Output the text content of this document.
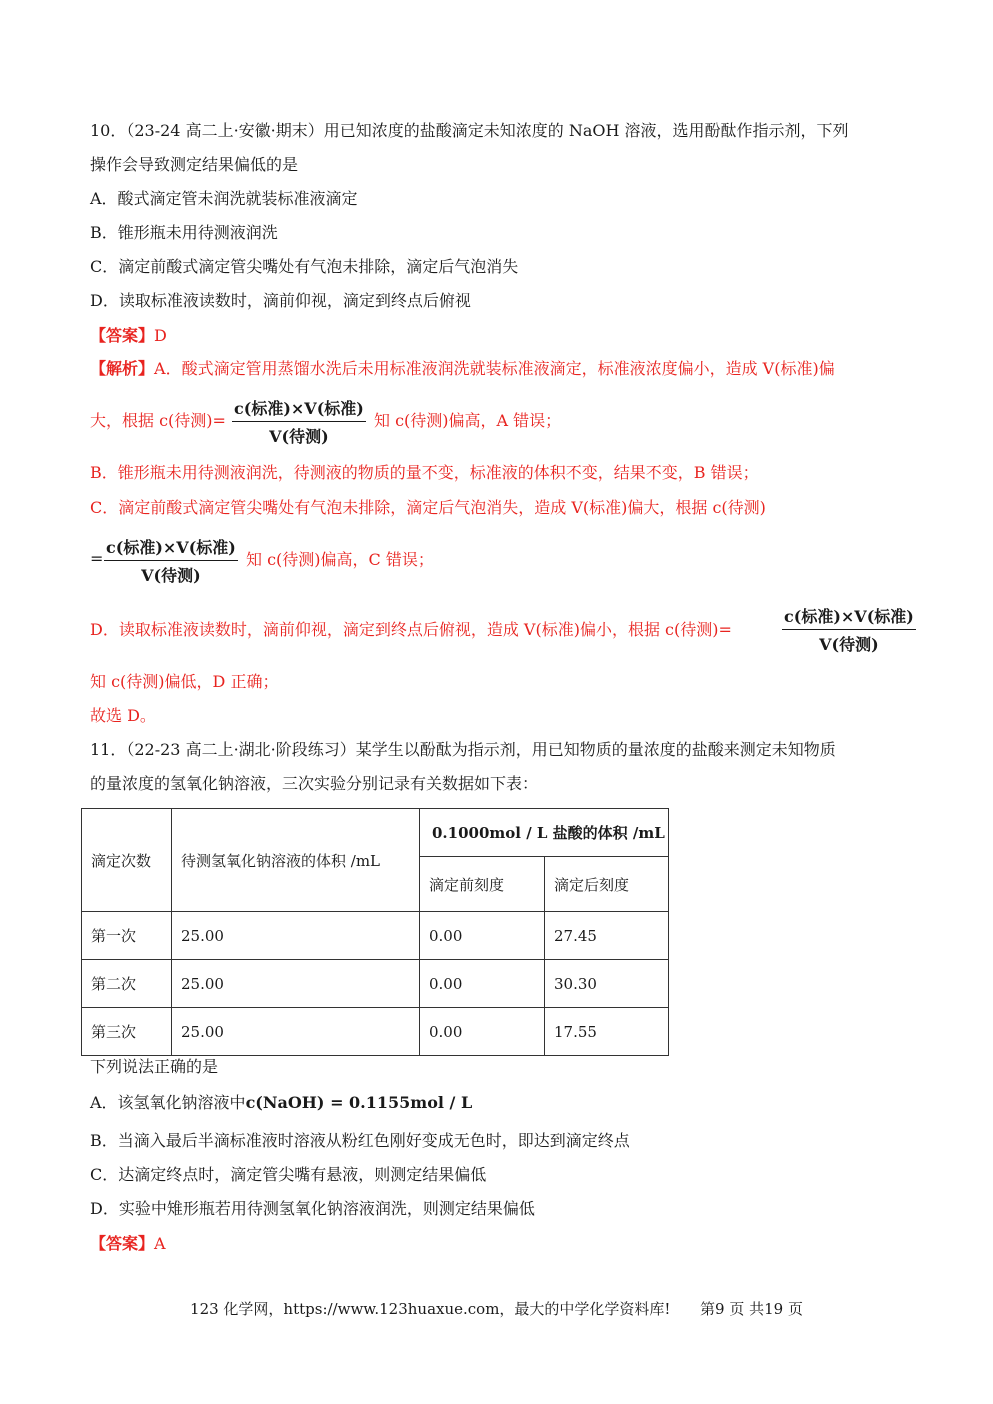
10．（23-24 高二上·安徽·期末）用已知浓度的盐酸滴定未知浓度的 NaOH 溶液，选用酚酞作指示剂，下列
操作会导致测定结果偏低的是
A．酸式滴定管未润洗就装标准液滴定
B．锥形瓶未用待测液润洗
C．滴定前酸式滴定管尖嘴处有气泡未排除，滴定后气泡消失
D．读取标准液读数时，滴前仰视，滴定到终点后俯视
【答案】D
【解析】A．酸式滴定管用蒸馏水洗后未用标准液润洗就装标准液滴定，标准液浓度偏小，造成 V(标准)偏
大，根据 c(待测)=
c(标准)×V(标准)
V(待测)
知 c(待测)偏高，A 错误；
B．锥形瓶未用待测液润洗，待测液的物质的量不变，标准液的体积不变，结果不变，B 错误；
C．滴定前酸式滴定管尖嘴处有气泡未排除，滴定后气泡消失，造成 V(标准)偏大，根据 c(待测)
=
c(标准)×V(标准)
V(待测)
知 c(待测)偏高，C 错误；
D．读取标准液读数时，滴前仰视，滴定到终点后俯视，造成 V(标准)偏小，根据 c(待测)=
c(标准)×V(标准)
V(待测)
知 c(待测)偏低，D 正确；
故选 D。
11．（22-23 高二上·湖北·阶段练习）某学生以酚酞为指示剂，用已知物质的量浓度的盐酸来测定未知物质
的量浓度的氢氧化钠溶液，三次实验分别记录有关数据如下表：
滴定次数	待测氢氧化钠溶液的体积 /mL	0.1000mol / L 盐酸的体积 /mL	
		滴定前刻度	滴定后刻度
第一次	25.00	0.00	27.45
第二次	25.00	0.00	30.30
第三次	25.00	0.00	17.55
下列说法正确的是
A．该氢氧化钠溶液中c(NaOH) = 0.1155mol / L
B．当滴入最后半滴标准液时溶液从粉红色刚好变成无色时，即达到滴定终点
C．达滴定终点时，滴定管尖嘴有悬液，则测定结果偏低
D．实验中雉形瓶若用待测氢氧化钠溶液润洗，则测定结果偏低
【答案】A
123 化学网，https://www.123huaxue.com，最大的中学化学资料库! 第9 页 共19 页
